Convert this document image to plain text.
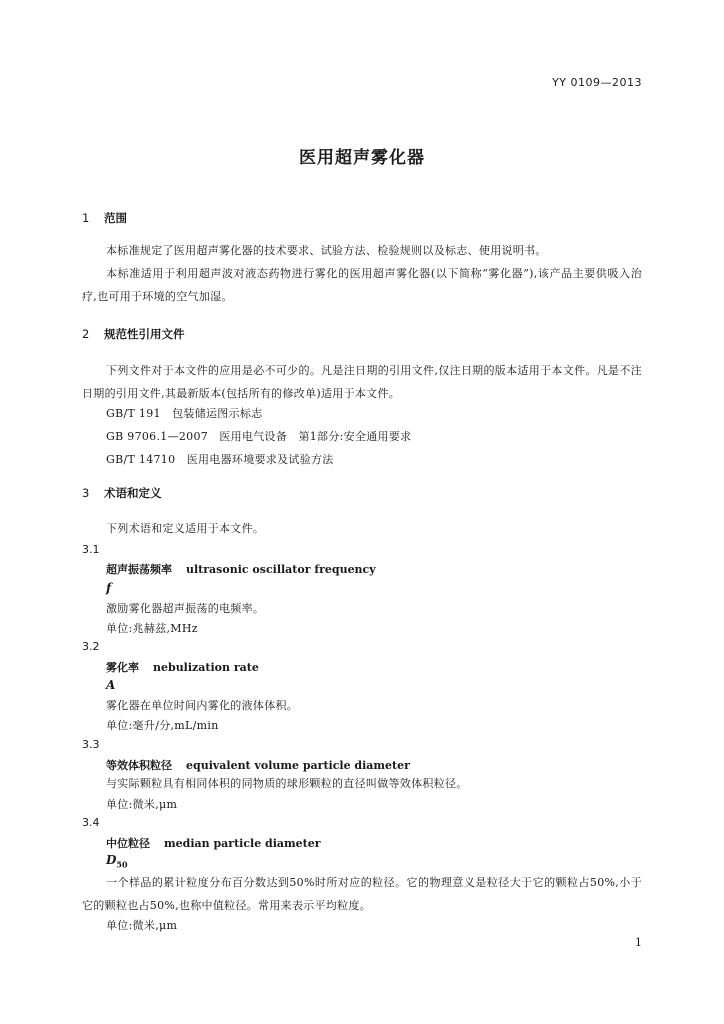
YY 0109—2013
医用超声雾化器
1 范围
本标准规定了医用超声雾化器的技术要求、试验方法、检验规则以及标志、使用说明书。
本标准适用于利用超声波对液态药物进行雾化的医用超声雾化器(以下简称“雾化器”),该产品主要供吸入治疗,也可用于环境的空气加湿。
2 规范性引用文件
下列文件对于本文件的应用是必不可少的。凡是注日期的引用文件,仅注日期的版本适用于本文件。凡是不注日期的引用文件,其最新版本(包括所有的修改单)适用于本文件。
GB/T 191　包装储运图示标志
GB 9706.1—2007　医用电气设备　第1部分:安全通用要求
GB/T 14710　医用电器环境要求及试验方法
3 术语和定义
下列术语和定义适用于本文件。
3.1
超声振荡频率 ultrasonic oscillator frequency
f
激励雾化器超声振荡的电频率。
单位:兆赫兹,MHz
3.2
雾化率 nebulization rate
A
雾化器在单位时间内雾化的液体体积。
单位:毫升/分,mL/min
3.3
等效体积粒径 equivalent volume particle diameter
与实际颗粒具有相同体积的同物质的球形颗粒的直径叫做等效体积粒径。
单位:微米,μm
3.4
中位粒径 median particle diameter
$D_{50}$
一个样品的累计粒度分布百分数达到50%时所对应的粒径。它的物理意义是粒径大于它的颗粒占50%,小于它的颗粒也占50%,也称中值粒径。常用来表示平均粒度。
单位:微米,μm
1
